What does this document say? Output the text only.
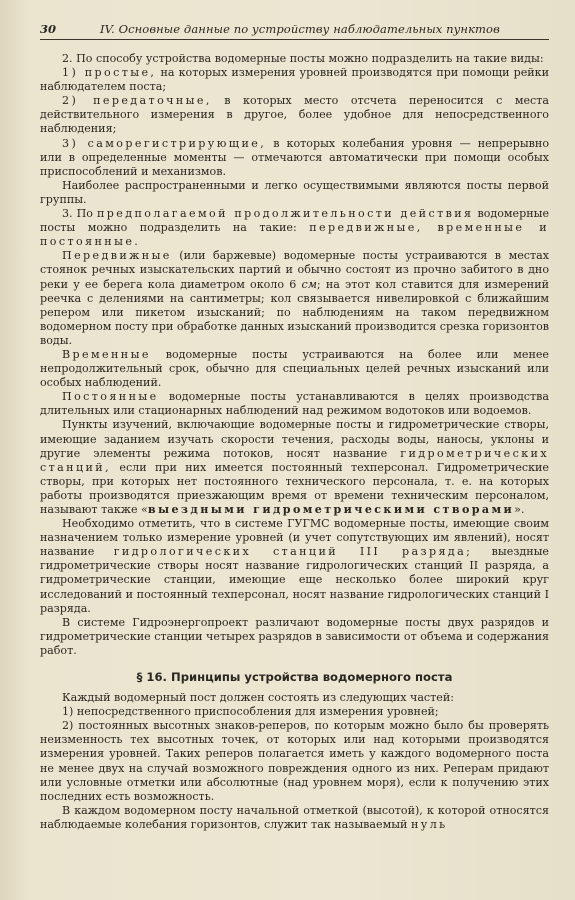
30	IV. Основные данные по устройству наблюдательных пунктов

2. По способу устройства водомерные посты можно подразделить на такие виды:

1) простые, на которых измерения уровней производятся при помощи рейки наблюдателем поста;

2) передаточные, в которых место отсчета переносится с места действительного измерения в другое, более удобное для непосредственного наблюдения;

3) саморегистрирующие, в которых колебания уровня — непрерывно или в определенные моменты — отмечаются автоматически при помощи особых приспособлений и механизмов.

Наиболее распространенными и легко осуществимыми являются посты первой группы.

3. По предполагаемой продолжительности действия водомерные посты можно подразделить на такие: передвижные, временные и постоянные.

Передвижные (или баржевые) водомерные посты устраиваются в местах стоянок речных изыскательских партий и обычно состоят из прочно забитого в дно реки у ее берега кола диаметром около 6 см; на этот кол ставится для измерений реечка с делениями на сантиметры; кол связывается нивелировкой с ближайшим репером или пикетом изысканий; по наблюдениям на таком передвижном водомерном посту при обработке данных изысканий производится срезка горизонтов воды.

Временные водомерные посты устраиваются на более или менее непродолжительный срок, обычно для специальных целей речных изысканий или особых наблюдений.

Постоянные водомерные посты устанавливаются в целях производства длительных или стационарных наблюдений над режимом водотоков или водоемов.

Пункты изучений, включающие водомерные посты и гидрометрические створы, имеющие заданием изучать скорости течения, расходы воды, наносы, уклоны и другие элементы режима потоков, носят название гидрометрических станций, если при них имеется постоянный техперсонал. Гидрометрические створы, при которых нет постоянного технического персонала, т. е. на которых работы производятся приезжающим время от времени техническим персоналом, называют также «выездными гидрометрическими створами».

Необходимо отметить, что в системе ГУГМС водомерные посты, имеющие своим назначением только измерение уровней (и учет сопутствующих им явлений), носят название гидрологических станций III разряда; выездные гидрометрические створы носят название гидрологических станций II разряда, а гидрометрические станции, имеющие еще несколько более широкий круг исследований и постоянный техперсонал, носят название гидрологических станций I разряда.

В системе Гидроэнергопроект различают водомерные посты двух разрядов и гидрометрические станции четырех разрядов в зависимости от объема и содержания работ.

§ 16. Принципы устройства водомерного поста

Каждый водомерный пост должен состоять из следующих частей:

1) непосредственного приспособления для измерения уровней;

2) постоянных высотных знаков-реперов, по которым можно было бы проверять неизменность тех высотных точек, от которых или над которыми производятся измерения уровней. Таких реперов полагается иметь у каждого водомерного поста не менее двух на случай возможного повреждения одного из них. Реперам придают или условные отметки или абсолютные (над уровнем моря), если к получению этих последних есть возможность.

В каждом водомерном посту начальной отметкой (высотой), к которой относятся наблюдаемые колебания горизонтов, служит так называемый нуль
